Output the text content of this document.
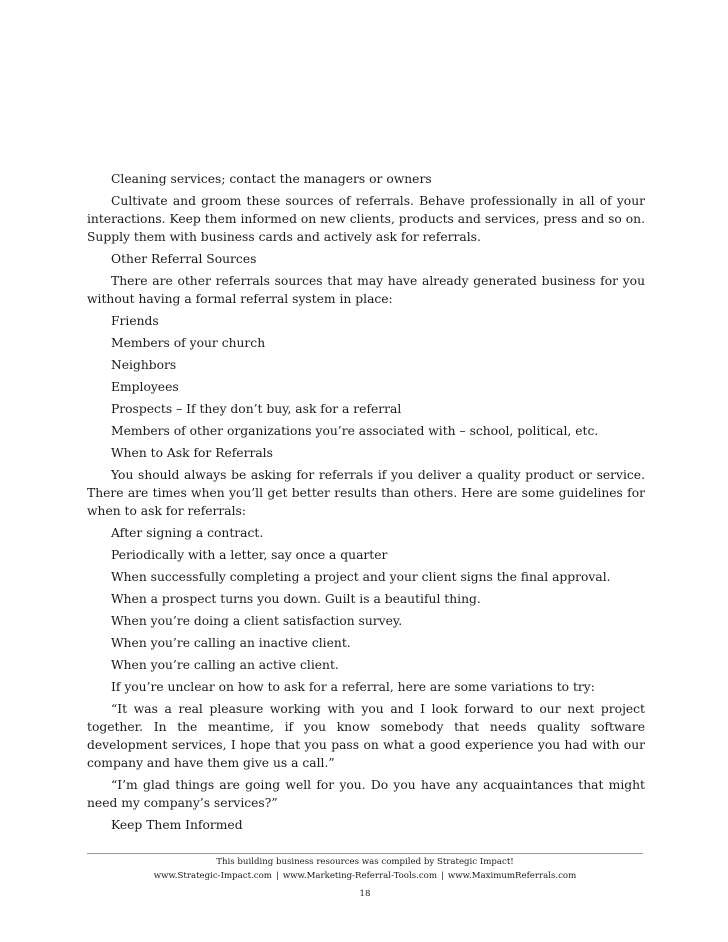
Cleaning services; contact the managers or owners

Cultivate and groom these sources of referrals. Behave professionally in all of your interactions. Keep them informed on new clients, products and services, press and so on. Supply them with business cards and actively ask for referrals.

Other Referral Sources

There are other referrals sources that may have already generated business for you without having a formal referral system in place:

Friends

Members of your church

Neighbors

Employees

Prospects – If they don’t buy, ask for a referral

Members of other organizations you’re associated with – school, political, etc.

When to Ask for Referrals

You should always be asking for referrals if you deliver a quality product or service. There are times when you’ll get better results than others. Here are some guidelines for when to ask for referrals:

After signing a contract.

Periodically with a letter, say once a quarter

When successfully completing a project and your client signs the final approval.

When a prospect turns you down. Guilt is a beautiful thing.

When you’re doing a client satisfaction survey.

When you’re calling an inactive client.

When you’re calling an active client.

If you’re unclear on how to ask for a referral, here are some variations to try:

“It was a real pleasure working with you and I look forward to our next project together. In the meantime, if you know somebody that needs quality software development services, I hope that you pass on what a good experience you had with our company and have them give us a call.”

“I’m glad things are going well for you. Do you have any acquaintances that might need my company’s services?”

Keep Them Informed

This building business resources was compiled by Strategic Impact!
www.Strategic-Impact.com | www.Marketing-Referral-Tools.com | www.MaximumReferrals.com
18
